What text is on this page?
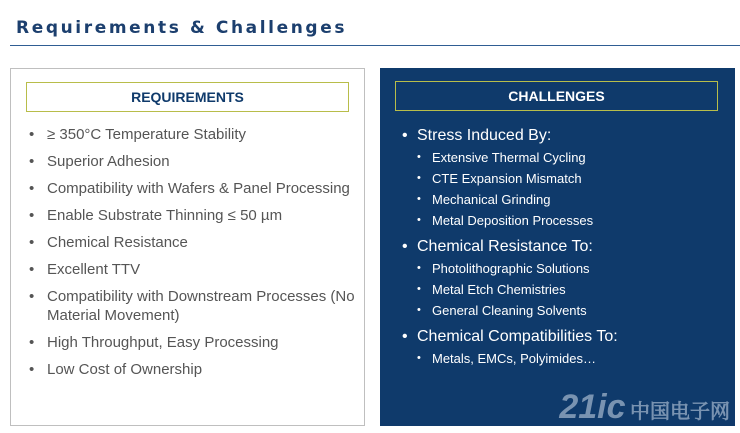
Requirements & Challenges
REQUIREMENTS
• ≥ 350°C Temperature Stability
• Superior Adhesion
• Compatibility with Wafers & Panel Processing
• Enable Substrate Thinning ≤ 50 µm
• Chemical Resistance
• Excellent TTV
• Compatibility with Downstream Processes (No Material Movement)
• High Throughput, Easy Processing
• Low Cost of Ownership
CHALLENGES
• Stress Induced By:
• Extensive Thermal Cycling
• CTE Expansion Mismatch
• Mechanical Grinding
• Metal Deposition Processes
• Chemical Resistance To:
• Photolithographic Solutions
• Metal Etch Chemistries
• General Cleaning Solvents
• Chemical Compatibilities To:
• Metals, EMCs, Polyimides…
21ic 中国电子网
